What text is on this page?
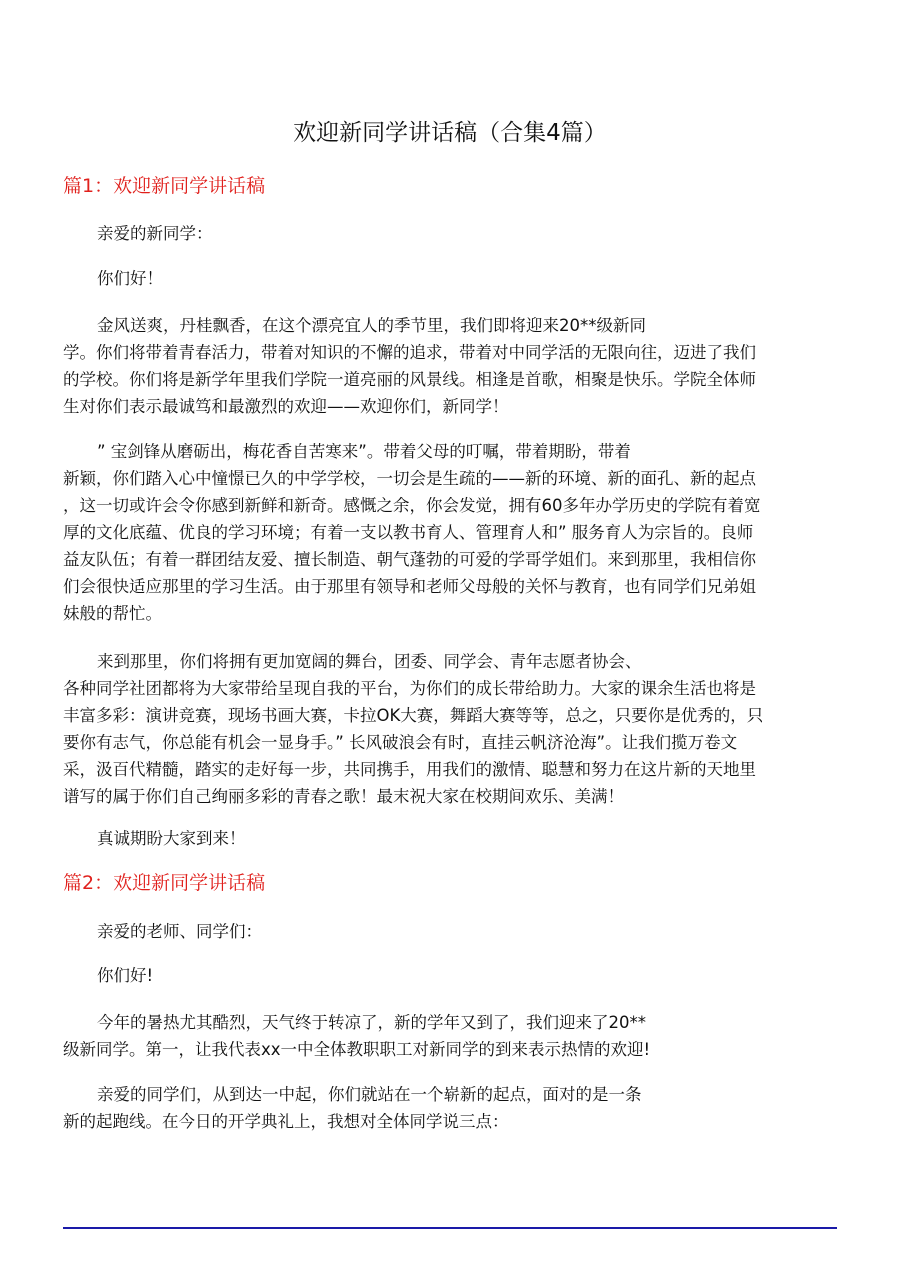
欢迎新同学讲话稿（合集4篇）
篇1：欢迎新同学讲话稿
亲爱的新同学：
你们好！
金风送爽，丹桂飘香，在这个漂亮宜人的季节里，我们即将迎来20**级新同
学。你们将带着青春活力，带着对知识的不懈的追求，带着对中同学活的无限向往，迈进了我们
的学校。你们将是新学年里我们学院一道亮丽的风景线。相逢是首歌，相聚是快乐。学院全体师
生对你们表示最诚笃和最激烈的欢迎——欢迎你们，新同学！
” 宝剑锋从磨砺出，梅花香自苦寒来”。带着父母的叮嘱，带着期盼，带着
新颖，你们踏入心中憧憬已久的中学学校，一切会是生疏的——新的环境、新的面孔、新的起点
，这一切或许会令你感到新鲜和新奇。感慨之余，你会发觉，拥有60多年办学历史的学院有着宽
厚的文化底蕴、优良的学习环境；有着一支以教书育人、管理育人和” 服务育人为宗旨的。良师
益友队伍；有着一群团结友爱、擅长制造、朝气蓬勃的可爱的学哥学姐们。来到那里，我相信你
们会很快适应那里的学习生活。由于那里有领导和老师父母般的关怀与教育，也有同学们兄弟姐
妹般的帮忙。
来到那里，你们将拥有更加宽阔的舞台，团委、同学会、青年志愿者协会、
各种同学社团都将为大家带给呈现自我的平台，为你们的成长带给助力。大家的课余生活也将是
丰富多彩：演讲竞赛，现场书画大赛，卡拉OK大赛，舞蹈大赛等等，总之，只要你是优秀的，只
要你有志气，你总能有机会一显身手。” 长风破浪会有时，直挂云帆济沧海”。让我们揽万卷文
采，汲百代精髓，踏实的走好每一步，共同携手，用我们的激情、聪慧和努力在这片新的天地里
谱写的属于你们自己绚丽多彩的青春之歌！最末祝大家在校期间欢乐、美满！
真诚期盼大家到来！
篇2：欢迎新同学讲话稿
亲爱的老师、同学们：
你们好!
今年的暑热尤其酷烈，天气终于转凉了，新的学年又到了，我们迎来了20**
级新同学。第一，让我代表xx一中全体教职职工对新同学的到来表示热情的欢迎!
亲爱的同学们，从到达一中起，你们就站在一个崭新的起点，面对的是一条
新的起跑线。在今日的开学典礼上，我想对全体同学说三点：
